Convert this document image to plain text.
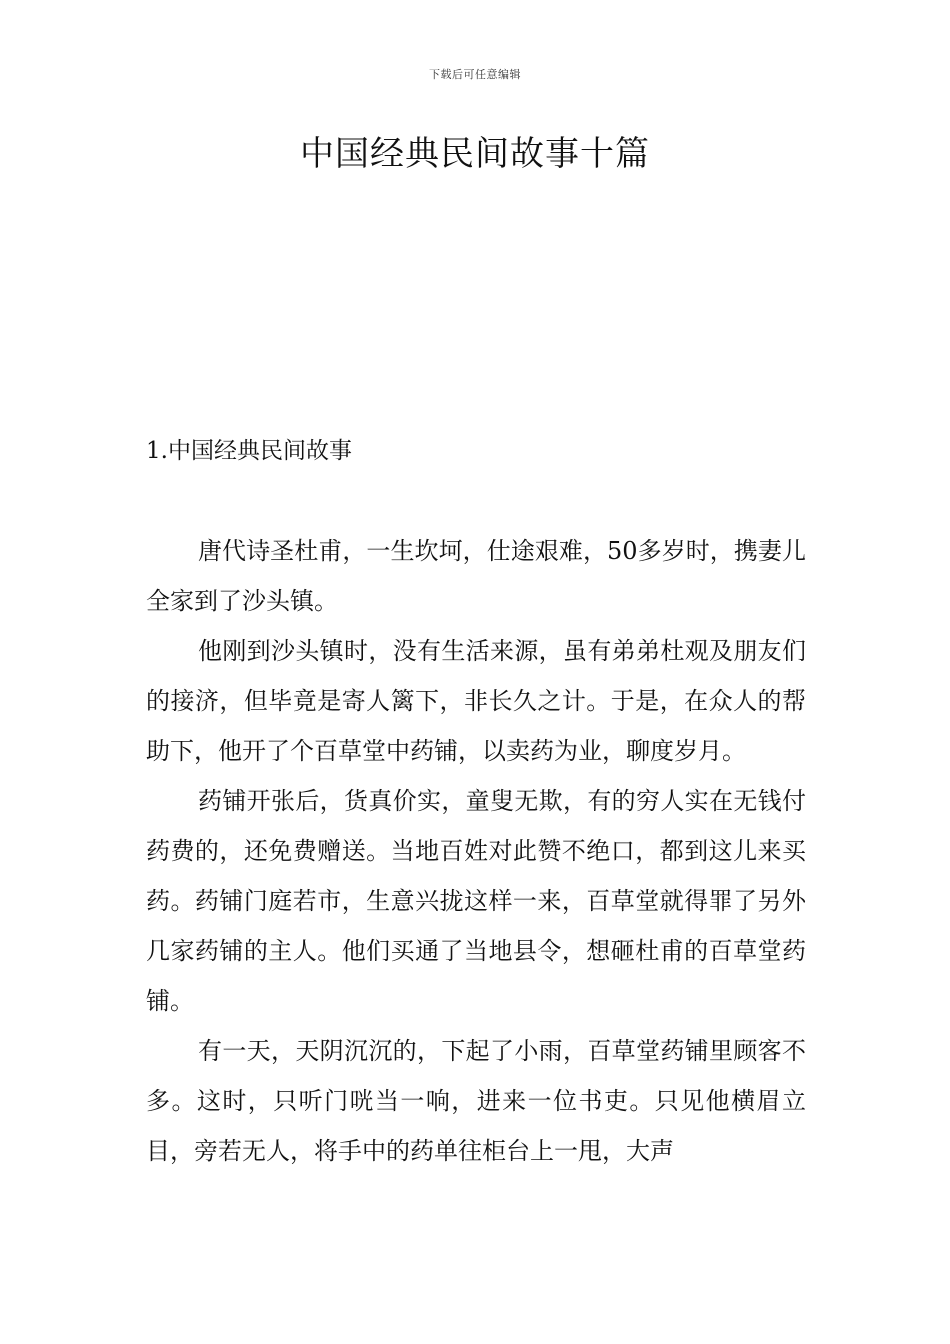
下载后可任意编辑
中国经典民间故事十篇
1.中国经典民间故事

唐代诗圣杜甫，一生坎坷，仕途艰难，50多岁时，携妻儿全家到了沙头镇。

他刚到沙头镇时，没有生活来源，虽有弟弟杜观及朋友们的接济，但毕竟是寄人篱下，非长久之计。于是，在众人的帮助下，他开了个百草堂中药铺，以卖药为业，聊度岁月。

药铺开张后，货真价实，童叟无欺，有的穷人实在无钱付药费的，还免费赠送。当地百姓对此赞不绝口，都到这儿来买药。药铺门庭若市，生意兴拢这样一来，百草堂就得罪了另外几家药铺的主人。他们买通了当地县令，想砸杜甫的百草堂药铺。

有一天，天阴沉沉的，下起了小雨，百草堂药铺里顾客不多。这时，只听门咣当一响，进来一位书吏。只见他横眉立目，旁若无人，将手中的药单往柜台上一甩，大声
